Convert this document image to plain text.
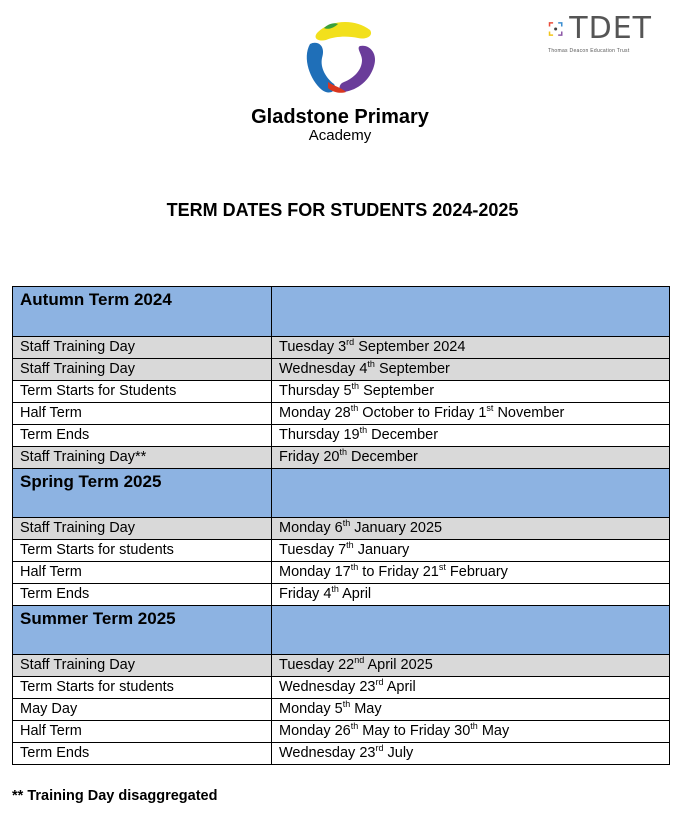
Gladstone Primary
Academy
TDET
Thomas Deacon Education Trust
TERM DATES FOR STUDENTS 2024-2025
Autumn Term 2024	
Staff Training Day	Tuesday 3rd September 2024
Staff Training Day	Wednesday 4th September
Term Starts for Students	Thursday 5th September
Half Term	Monday 28th October to Friday 1st November
Term Ends	Thursday 19th December
Staff Training Day**	Friday 20th December
Spring Term 2025	
Staff Training Day	Monday 6th January 2025
Term Starts for students	Tuesday 7th January
Half Term	Monday 17th to Friday 21st February
Term Ends	Friday 4th April
Summer Term 2025	
Staff Training Day	Tuesday 22nd April 2025
Term Starts for students	Wednesday 23rd April
May Day	Monday 5th May
Half Term	Monday 26th May to Friday 30th May
Term Ends	Wednesday 23rd July
** Training Day disaggregated
